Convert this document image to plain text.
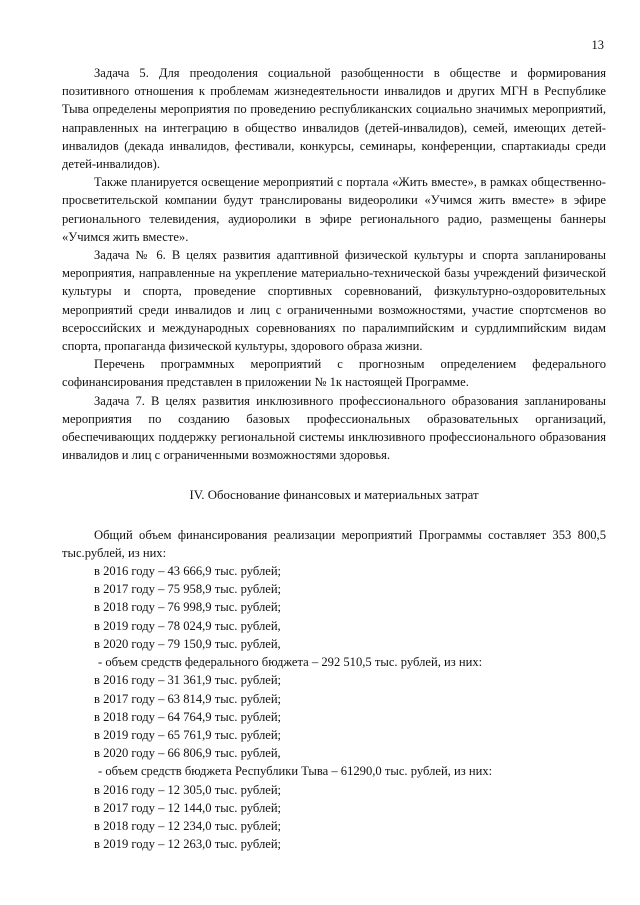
13

Задача 5. Для преодоления социальной разобщенности в обществе и формирования позитивного отношения к проблемам жизнедеятельности инвалидов и других МГН в Республике Тыва определены мероприятия по проведению республиканских социально значимых мероприятий, направленных на интеграцию в общество инвалидов (детей-инвалидов), семей, имеющих детей-инвалидов (декада инвалидов, фестивали, конкурсы, семинары, конференции, спартакиады среди детей-инвалидов).

Также планируется освещение мероприятий с портала «Жить вместе», в рамках общественно-просветительской компании будут транслированы видеоролики «Учимся жить вместе» в эфире регионального телевидения, аудиоролики в эфире регионального радио, размещены баннеры «Учимся жить вместе».

Задача № 6. В целях развития адаптивной физической культуры и спорта запланированы мероприятия, направленные на укрепление материально-технической базы учреждений физической культуры и спорта, проведение спортивных соревнований, физкультурно-оздоровительных мероприятий среди инвалидов и лиц с ограниченными возможностями, участие спортсменов во всероссийских и международных соревнованиях по паралимпийским и сурдлимпийским видам спорта, пропаганда физической культуры, здорового образа жизни.

Перечень программных мероприятий с прогнозным определением федерального софинансирования представлен в приложении № 1к настоящей Программе.

Задача 7. В целях развития инклюзивного профессионального образования запланированы мероприятия по созданию базовых профессиональных образовательных организаций, обеспечивающих поддержку региональной системы инклюзивного профессионального образования инвалидов и лиц с ограниченными возможностями здоровья.

IV. Обоснование финансовых и материальных затрат

Общий объем финансирования реализации мероприятий Программы составляет 353 800,5 тыс.рублей, из них:

в 2016 году – 43 666,9 тыс. рублей;
в 2017 году – 75 958,9 тыс. рублей;
в 2018 году – 76 998,9 тыс. рублей;
в 2019 году – 78 024,9 тыс. рублей,
в 2020 году – 79 150,9 тыс. рублей,
- объем средств федерального бюджета – 292 510,5 тыс. рублей, из них:
в 2016 году – 31 361,9 тыс. рублей;
в 2017 году – 63 814,9 тыс. рублей;
в 2018 году – 64 764,9 тыс. рублей;
в 2019 году – 65 761,9 тыс. рублей;
в 2020 году – 66 806,9 тыс. рублей,
- объем средств бюджета Республики Тыва – 61290,0 тыс. рублей, из них:
в 2016 году – 12 305,0 тыс. рублей;
в 2017 году – 12 144,0 тыс. рублей;
в 2018 году – 12 234,0 тыс. рублей;
в 2019 году – 12 263,0 тыс. рублей;
